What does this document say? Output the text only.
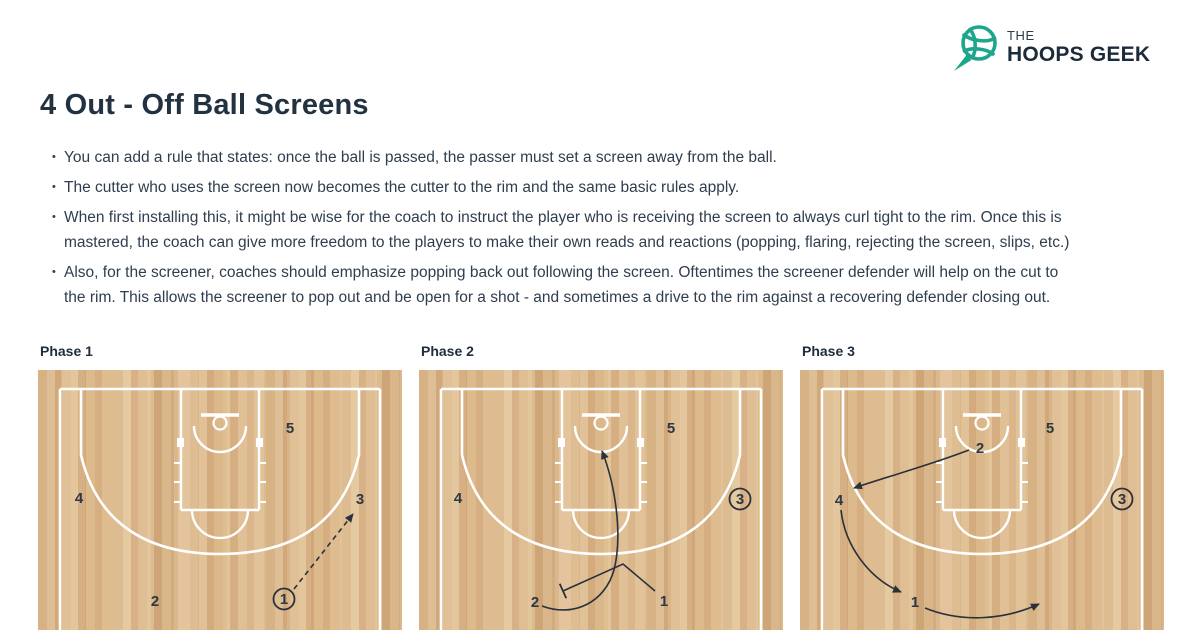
4 Out - Off Ball Screens
THE
HOOPS GEEK
• You can add a rule that states: once the ball is passed, the passer must set a screen away from the ball.
• The cutter who uses the screen now becomes the cutter to the rim and the same basic rules apply.
• When first installing this, it might be wise for the coach to instruct the player who is receiving the screen to always curl tight to the rim. Once this is
mastered, the coach can give more freedom to the players to make their own reads and reactions (popping, flaring, rejecting the screen, slips, etc.)
• Also, for the screener, coaches should emphasize popping back out following the screen. Oftentimes the screener defender will help on the cut to
the rim. This allows the screener to pop out and be open for a shot - and sometimes a drive to the rim against a recovering defender closing out.
Phase 1
5
4	3
2	1
Phase 2
5
4	3
2	1
Phase 3
5
2
4	3
1
